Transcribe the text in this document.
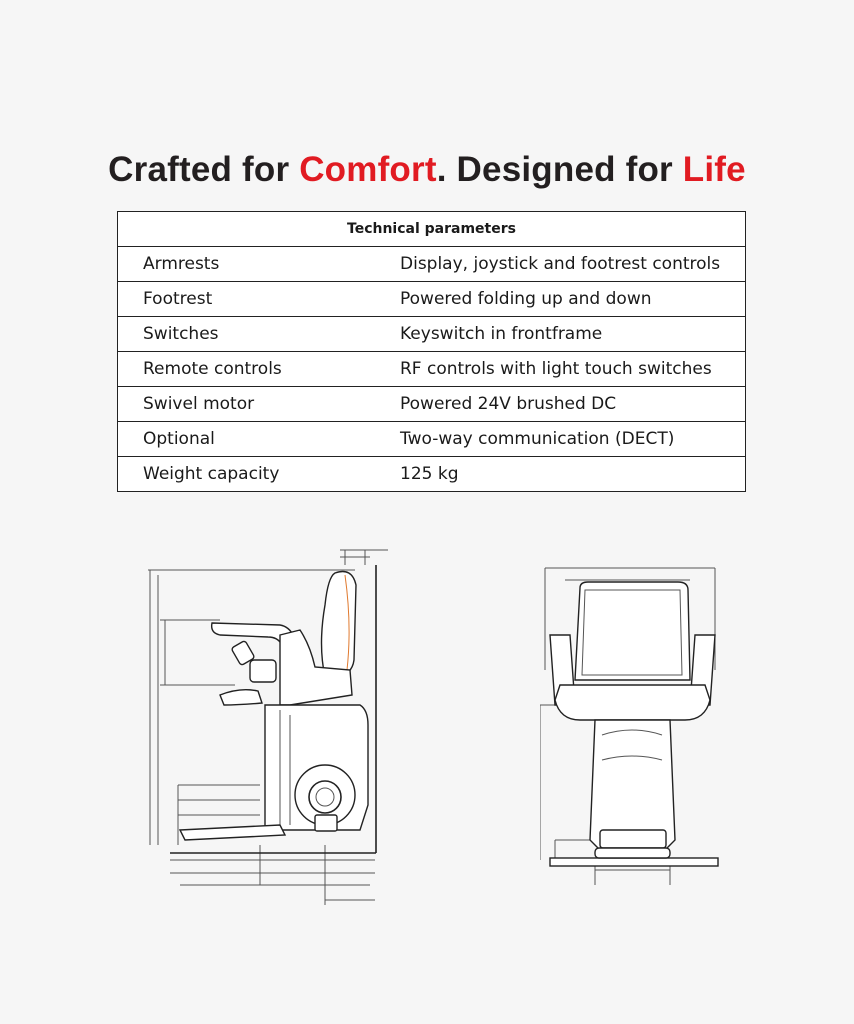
Crafted for Comfort. Designed for Life
Technical parameters	
Armrests	Display, joystick and footrest controls
Footrest	Powered folding up and down
Switches	Keyswitch in frontframe
Remote controls	RF controls with light touch switches
Swivel motor	Powered 24V brushed DC
Optional	Two-way communication (DECT)
Weight capacity	125 kg
